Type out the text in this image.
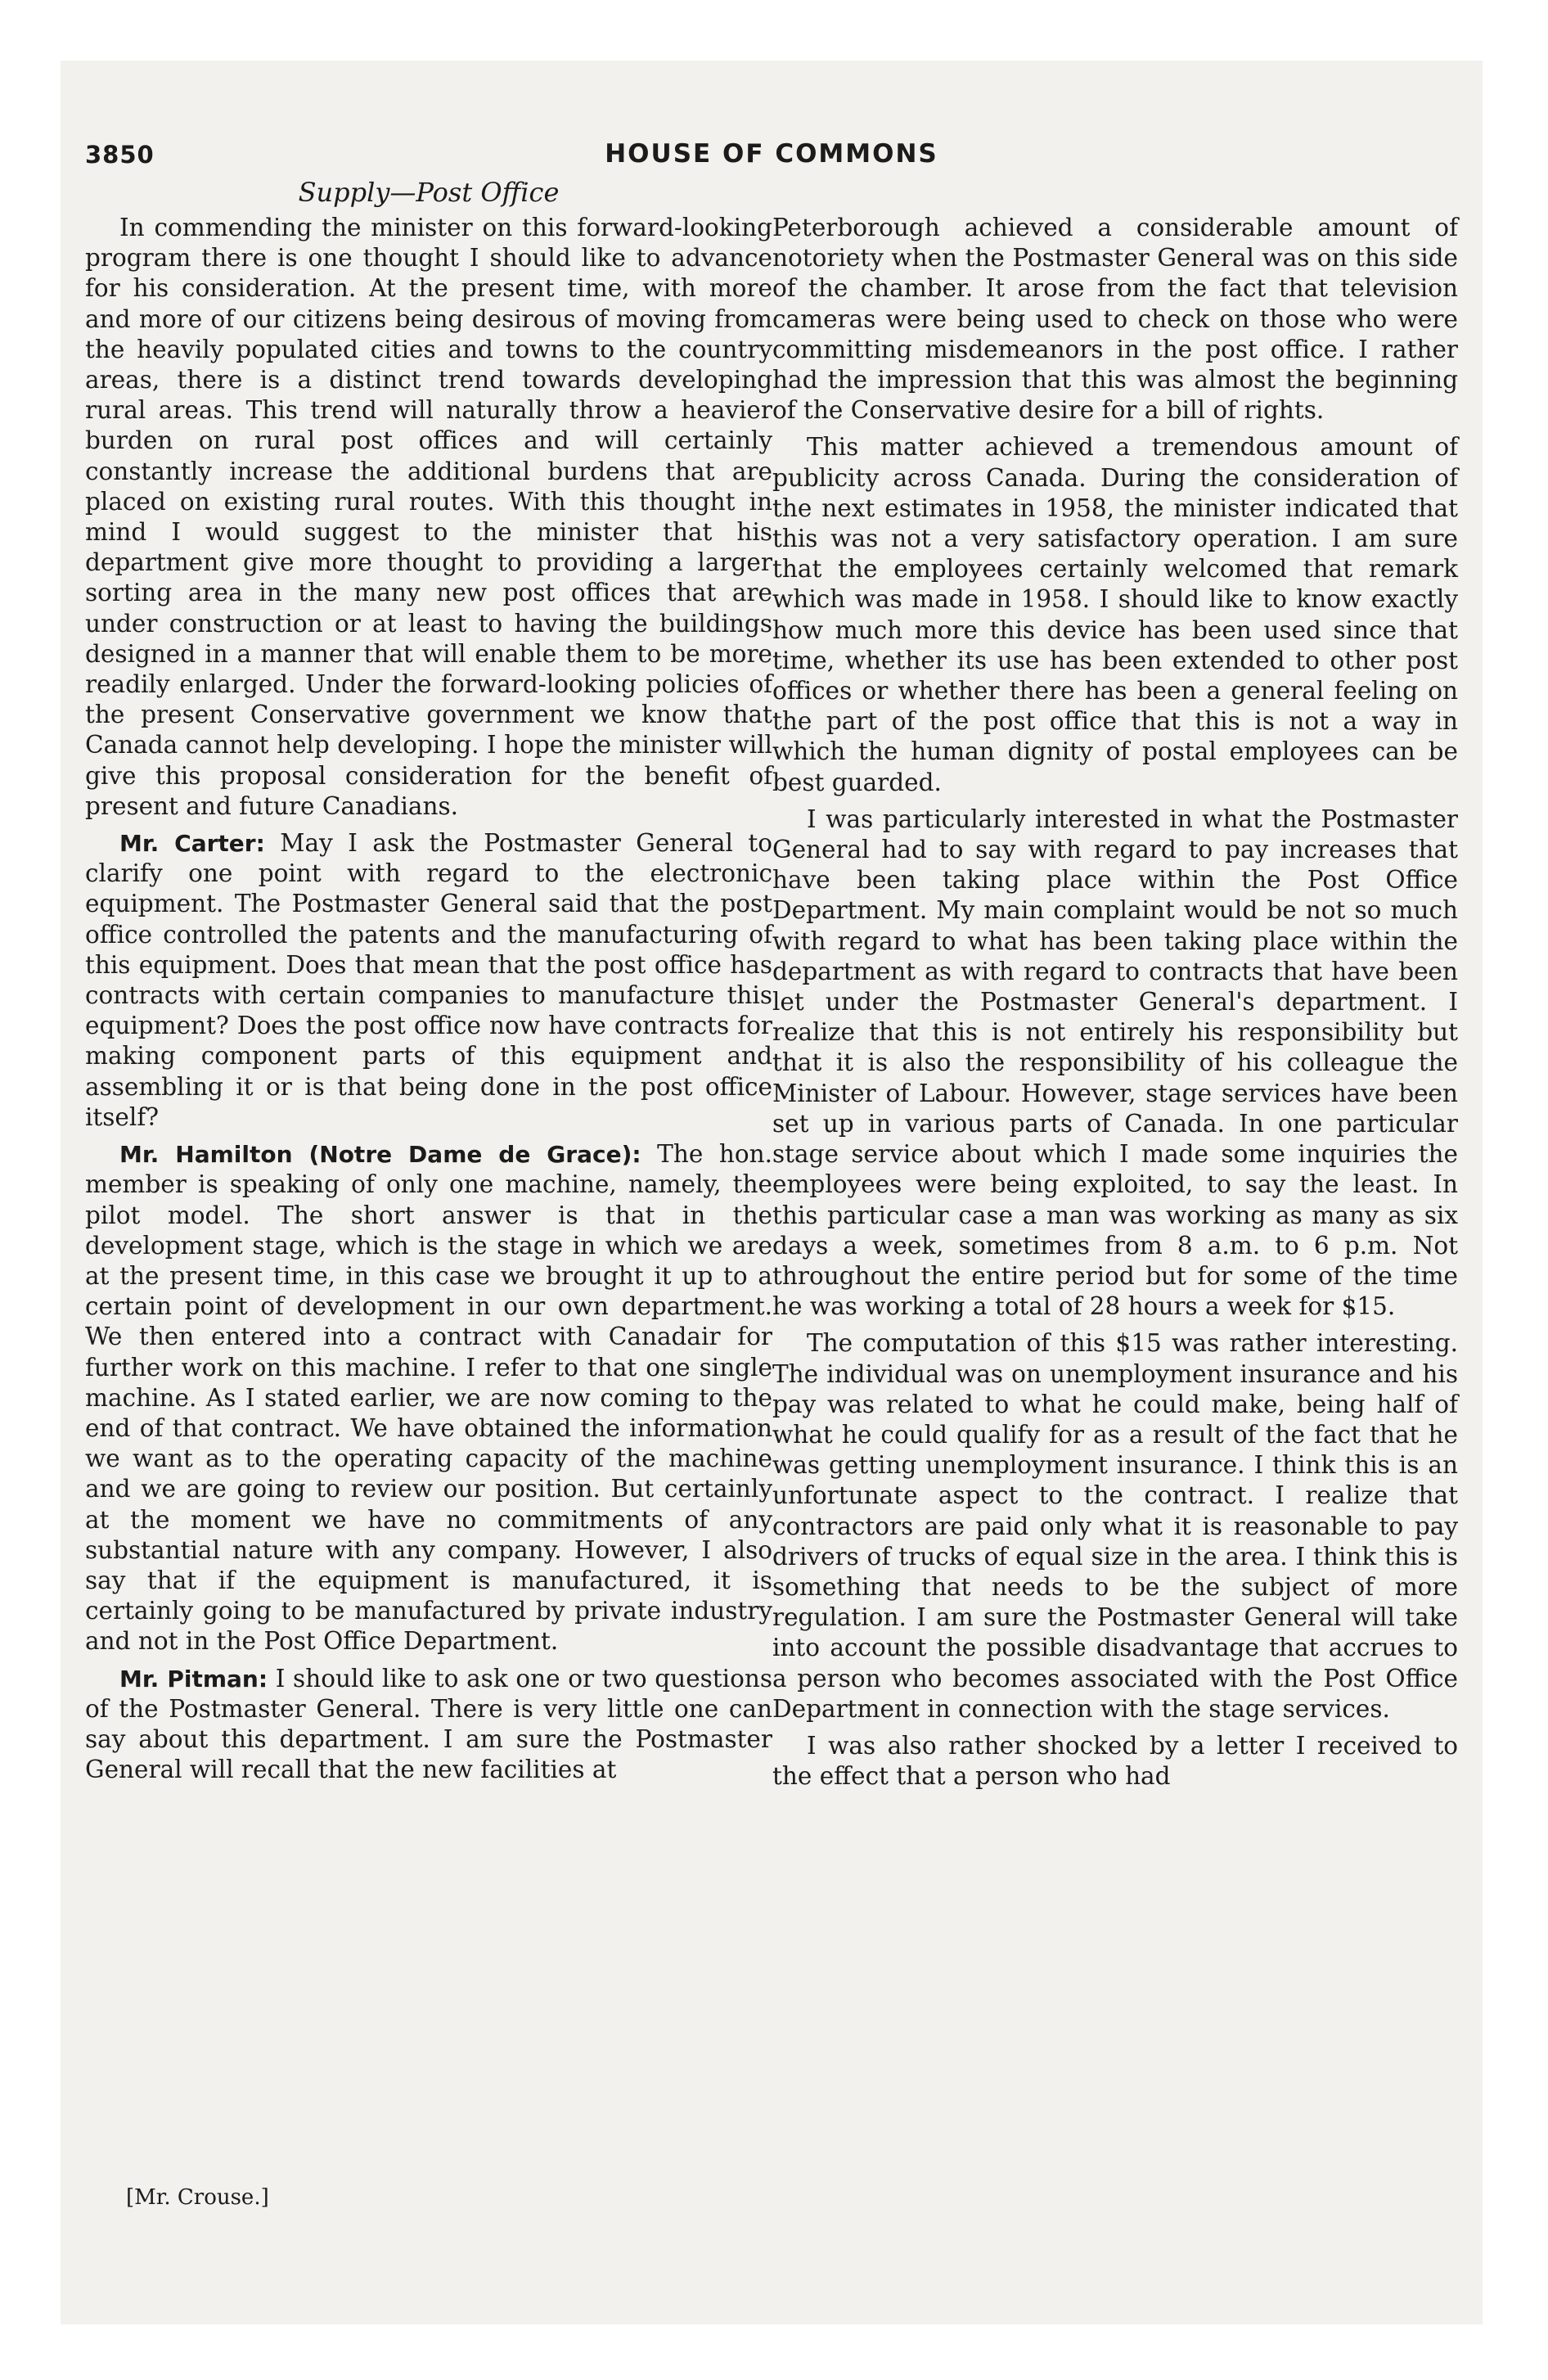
3850	HOUSE OF COMMONS
Supply—Post Office

In commending the minister on this forward-looking program there is one thought I should like to advance for his consideration. At the present time, with more and more of our citizens being desirous of moving from the heavily populated cities and towns to the country areas, there is a distinct trend towards developing rural areas. This trend will naturally throw a heavier burden on rural post offices and will certainly constantly increase the additional burdens that are placed on existing rural routes. With this thought in mind I would suggest to the minister that his department give more thought to providing a larger sorting area in the many new post offices that are under construction or at least to having the buildings designed in a manner that will enable them to be more readily enlarged. Under the forward-looking policies of the present Conservative government we know that Canada cannot help developing. I hope the minister will give this proposal consideration for the benefit of present and future Canadians.

Mr. Carter: May I ask the Postmaster General to clarify one point with regard to the electronic equipment. The Postmaster General said that the post office controlled the patents and the manufacturing of this equipment. Does that mean that the post office has contracts with certain companies to manufacture this equipment? Does the post office now have contracts for making component parts of this equipment and assembling it or is that being done in the post office itself?

Mr. Hamilton (Notre Dame de Grace): The hon. member is speaking of only one machine, namely, the pilot model. The short answer is that in the development stage, which is the stage in which we are at the present time, in this case we brought it up to a certain point of development in our own department. We then entered into a contract with Canadair for further work on this machine. I refer to that one single machine. As I stated earlier, we are now coming to the end of that contract. We have obtained the information we want as to the operating capacity of the machine and we are going to review our position. But certainly at the moment we have no commitments of any substantial nature with any company. However, I also say that if the equipment is manufactured, it is certainly going to be manufactured by private industry and not in the Post Office Department.

Mr. Pitman: I should like to ask one or two questions of the Postmaster General. There is very little one can say about this department. I am sure the Postmaster General will recall that the new facilities at

Peterborough achieved a considerable amount of notoriety when the Postmaster General was on this side of the chamber. It arose from the fact that television cameras were being used to check on those who were committing misdemeanors in the post office. I rather had the impression that this was almost the beginning of the Conservative desire for a bill of rights.

This matter achieved a tremendous amount of publicity across Canada. During the consideration of the next estimates in 1958, the minister indicated that this was not a very satisfactory operation. I am sure that the employees certainly welcomed that remark which was made in 1958. I should like to know exactly how much more this device has been used since that time, whether its use has been extended to other post offices or whether there has been a general feeling on the part of the post office that this is not a way in which the human dignity of postal employees can be best guarded.

I was particularly interested in what the Postmaster General had to say with regard to pay increases that have been taking place within the Post Office Department. My main complaint would be not so much with regard to what has been taking place within the department as with regard to contracts that have been let under the Postmaster General's department. I realize that this is not entirely his responsibility but that it is also the responsibility of his colleague the Minister of Labour. However, stage services have been set up in various parts of Canada. In one particular stage service about which I made some inquiries the employees were being exploited, to say the least. In this particular case a man was working as many as six days a week, sometimes from 8 a.m. to 6 p.m. Not throughout the entire period but for some of the time he was working a total of 28 hours a week for $15.

The computation of this $15 was rather interesting. The individual was on unemployment insurance and his pay was related to what he could make, being half of what he could qualify for as a result of the fact that he was getting unemployment insurance. I think this is an unfortunate aspect to the contract. I realize that contractors are paid only what it is reasonable to pay drivers of trucks of equal size in the area. I think this is something that needs to be the subject of more regulation. I am sure the Postmaster General will take into account the possible disadvantage that accrues to a person who becomes associated with the Post Office Department in connection with the stage services.

I was also rather shocked by a letter I received to the effect that a person who had

[Mr. Crouse.]
